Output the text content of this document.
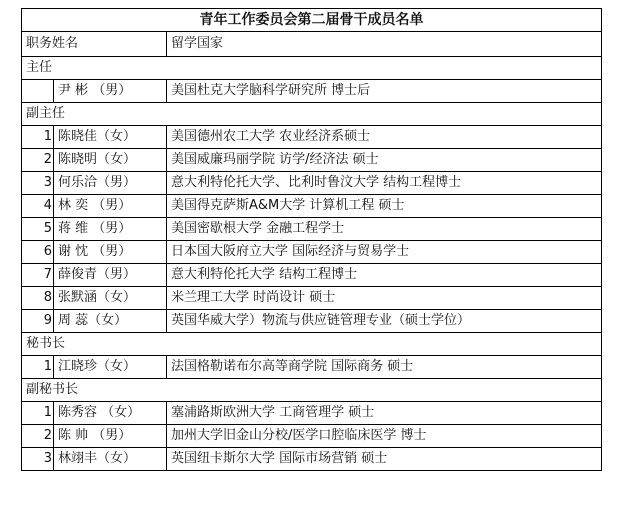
青年工作委员会第二届骨干成员名单		
职务姓名		留学国家
主任		
	尹 彬 （男）	美国杜克大学脑科学研究所 博士后
副主任		
1	陈晓佳（女）	美国德州农工大学 农业经济系硕士
2	陈晓明（女）	美国威廉玛丽学院 访学/经济法 硕士
3	何乐洽（男）	意大利特伦托大学、比利时鲁汶大学 结构工程博士
4	林 奕 （男）	美国得克萨斯A&M大学 计算机工程 硕士
5	蒋 维 （男）	美国密歇根大学 金融工程学士
6	谢 忱 （男）	日本国大阪府立大学 国际经济与贸易学士
7	薛俊青（男）	意大利特伦托大学 结构工程博士
8	张默涵（女）	米兰理工大学 时尚设计 硕士
9	周 蕊（女）	英国华威大学）物流与供应链管理专业（硕士学位）
秘书长		
1	江晓珍（女）	法国格勒诺布尔高等商学院 国际商务 硕士
副秘书长		
1	陈秀容 （女）	塞浦路斯欧洲大学 工商管理学 硕士
2	陈 帅 （男）	加州大学旧金山分校/医学口腔临床医学 博士
3	林翊丰（女）	英国纽卡斯尔大学 国际市场营销 硕士
